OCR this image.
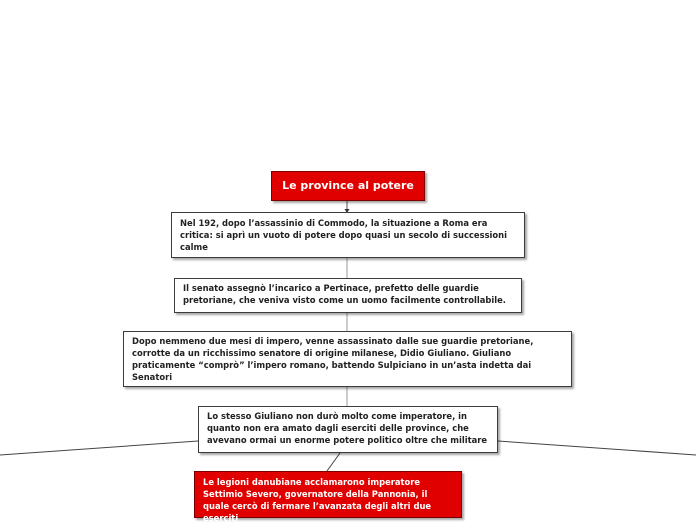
Le province al potere
Nel 192, dopo l’assassinio di Commodo, la situazione a Roma era critica: si aprì un vuoto di potere dopo quasi un secolo di successioni calme
Il senato assegnò l’incarico a Pertinace, prefetto delle guardie pretoriane, che veniva visto come un uomo facilmente controllabile.
Dopo nemmeno due mesi di impero, venne assassinato dalle sue guardie pretoriane, corrotte da un ricchissimo senatore di origine milanese, Didio Giuliano. Giuliano praticamente “comprò” l’impero romano, battendo Sulpiciano in un’asta indetta dai Senatori
Lo stesso Giuliano non durò molto come imperatore, in quanto non era amato dagli eserciti delle province, che avevano ormai un enorme potere politico oltre che militare
Le legioni danubiane acclamarono imperatore Settimio Severo, governatore della Pannonia, il quale cercò di fermare l’avanzata degli altri due eserciti
